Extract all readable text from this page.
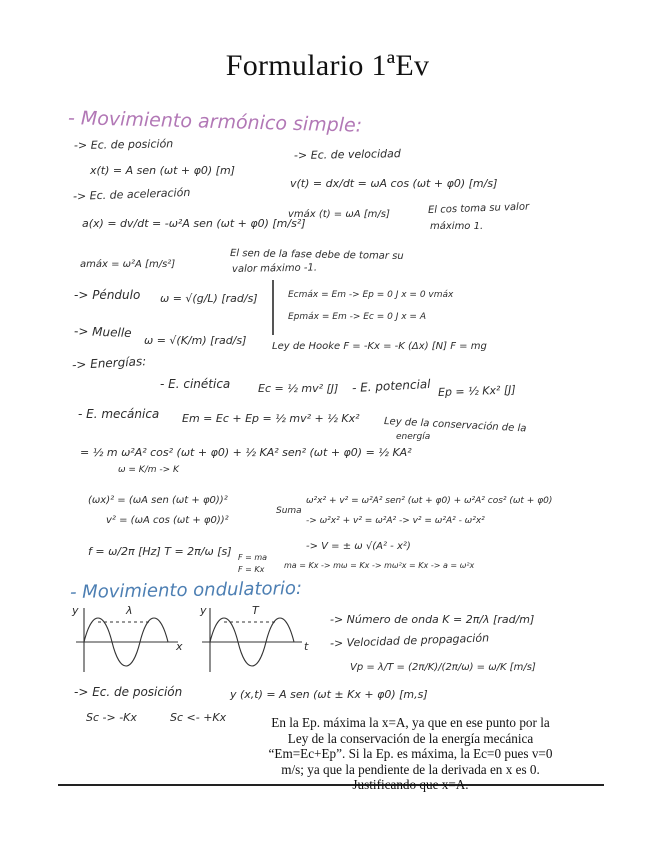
Formulario 1ªEv
- Movimiento armónico simple:
-> Ec. de posición
x(t) = A sen (ωt + φ0) [m]
-> Ec. de velocidad
v(t) = dx/dt = ωA cos (ωt + φ0) [m/s]
-> Ec. de aceleración
a(x) = dv/dt = -ω²A sen (ωt + φ0) [m/s²]
vmáx (t) = ωA [m/s]	El cos toma su valor
máximo 1.
amáx = ω²A [m/s²]
El sen de la fase debe de tomar su
valor máximo -1.
-> Péndulo ω = √(g/L) [rad/s]	Ecmáx = Em -> Ep = 0 J x = 0 vmáx
Epmáx = Em -> Ec = 0 J x = A
-> Muelle
ω = √(K/m) [rad/s]	Ley de Hooke F = -Kx = -K (Δx) [N] F = mg
-> Energías:
- E. cinética	Ec = ½ mv² [J] - E. potencial Ep = ½ Kx² [J]
- E. mecánica Em = Ec + Ep = ½ mv² + ½ Kx² Ley de la conservación de la
energía
= ½ m ω²A² cos² (ωt + φ0) + ½ KA² sen² (ωt + φ0) = ½ KA²
ω = K/m -> K
(ωx)² = (ωA sen (ωt + φ0))²
v² = (ωA cos (ωt + φ0))²
Suma
ω²x² + v² = ω²A² sen² (ωt + φ0) + ω²A² cos² (ωt + φ0)
-> ω²x² + v² = ω²A² -> v² = ω²A² - ω²x²
-> V = ± ω √(A² - x²)
f = ω/2π [Hz] T = 2π/ω [s] F = ma
F = Kx ma = Kx -> mω = Kx -> mω²x = Kx -> a = ω²x
- Movimiento ondulatorio:
y	λ
x
y	T
t
-> Número de onda K = 2π/λ [rad/m]
-> Velocidad de propagación
Vp = λ/T = (2π/K)/(2π/ω) = ω/K [m/s]
-> Ec. de posición	y (x,t) = A sen (ωt ± Kx + φ0) [m,s]
Sc -> -Kx	Sc <- +Kx	En la Ep. máxima la x=A, ya que en ese punto por la Ley de la conservación de la energía mecánica “Em=Ec+Ep”. Si la Ep. es máxima, la Ec=0 pues v=0 m/s; ya que la pendiente de la derivada en x es 0. Justificando que x=A.
